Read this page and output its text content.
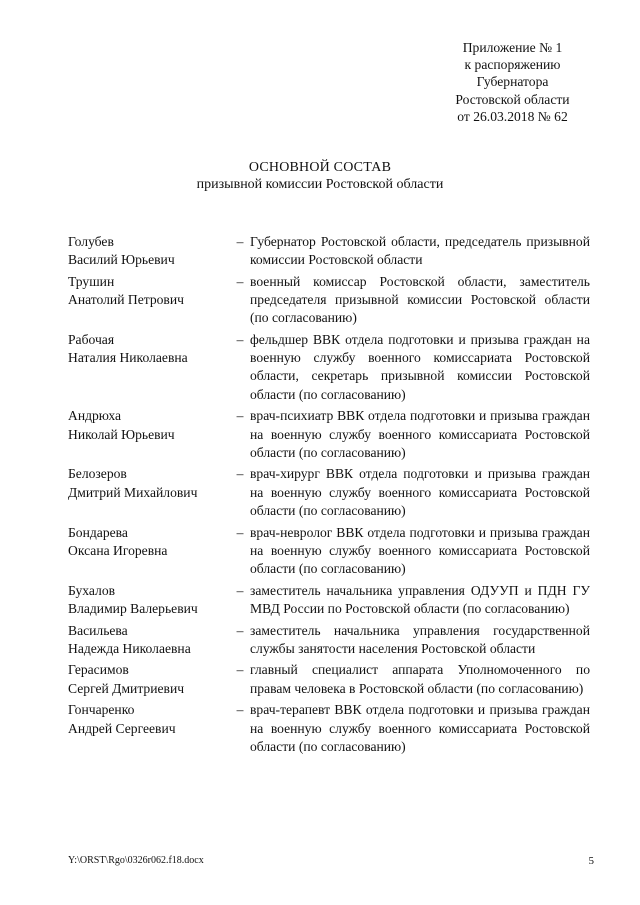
Приложение № 1
к распоряжению
Губернатора
Ростовской области
от 26.03.2018 № 62
ОСНОВНОЙ СОСТАВ
призывной комиссии Ростовской области
Голубев
Василий Юрьевич
– Губернатор Ростовской области, председатель призывной комиссии Ростовской области
Трушин
Анатолий Петрович
– военный комиссар Ростовской области, заместитель председателя призывной комиссии Ростовской области (по согласованию)
Рабочая
Наталия Николаевна
– фельдшер ВВК отдела подготовки и призыва граждан на военную службу военного комиссариата Ростовской области, секретарь призывной комиссии Ростовской области (по согласованию)
Андрюха
Николай Юрьевич
– врач-психиатр ВВК отдела подготовки и призыва граждан на военную службу военного комиссариата Ростовской области (по согласованию)
Белозеров
Дмитрий Михайлович
– врач-хирург ВВК отдела подготовки и призыва граждан на военную службу военного комиссариата Ростовской области (по согласованию)
Бондарева
Оксана Игоревна
– врач-невролог ВВК отдела подготовки и призыва граждан на военную службу военного комиссариата Ростовской области (по согласованию)
Бухалов
Владимир Валерьевич
– заместитель начальника управления ОДУУП и ПДН ГУ МВД России по Ростовской области (по согласованию)
Васильева
Надежда Николаевна
– заместитель начальника управления государственной службы занятости населения Ростовской области
Герасимов
Сергей Дмитриевич
– главный специалист аппарата Уполномоченного по правам человека в Ростовской области (по согласованию)
Гончаренко
Андрей Сергеевич
– врач-терапевт ВВК отдела подготовки и призыва граждан на военную службу военного комиссариата Ростовской области (по согласованию)
Y:\ORST\Rgo\0326r062.f18.docx	5
